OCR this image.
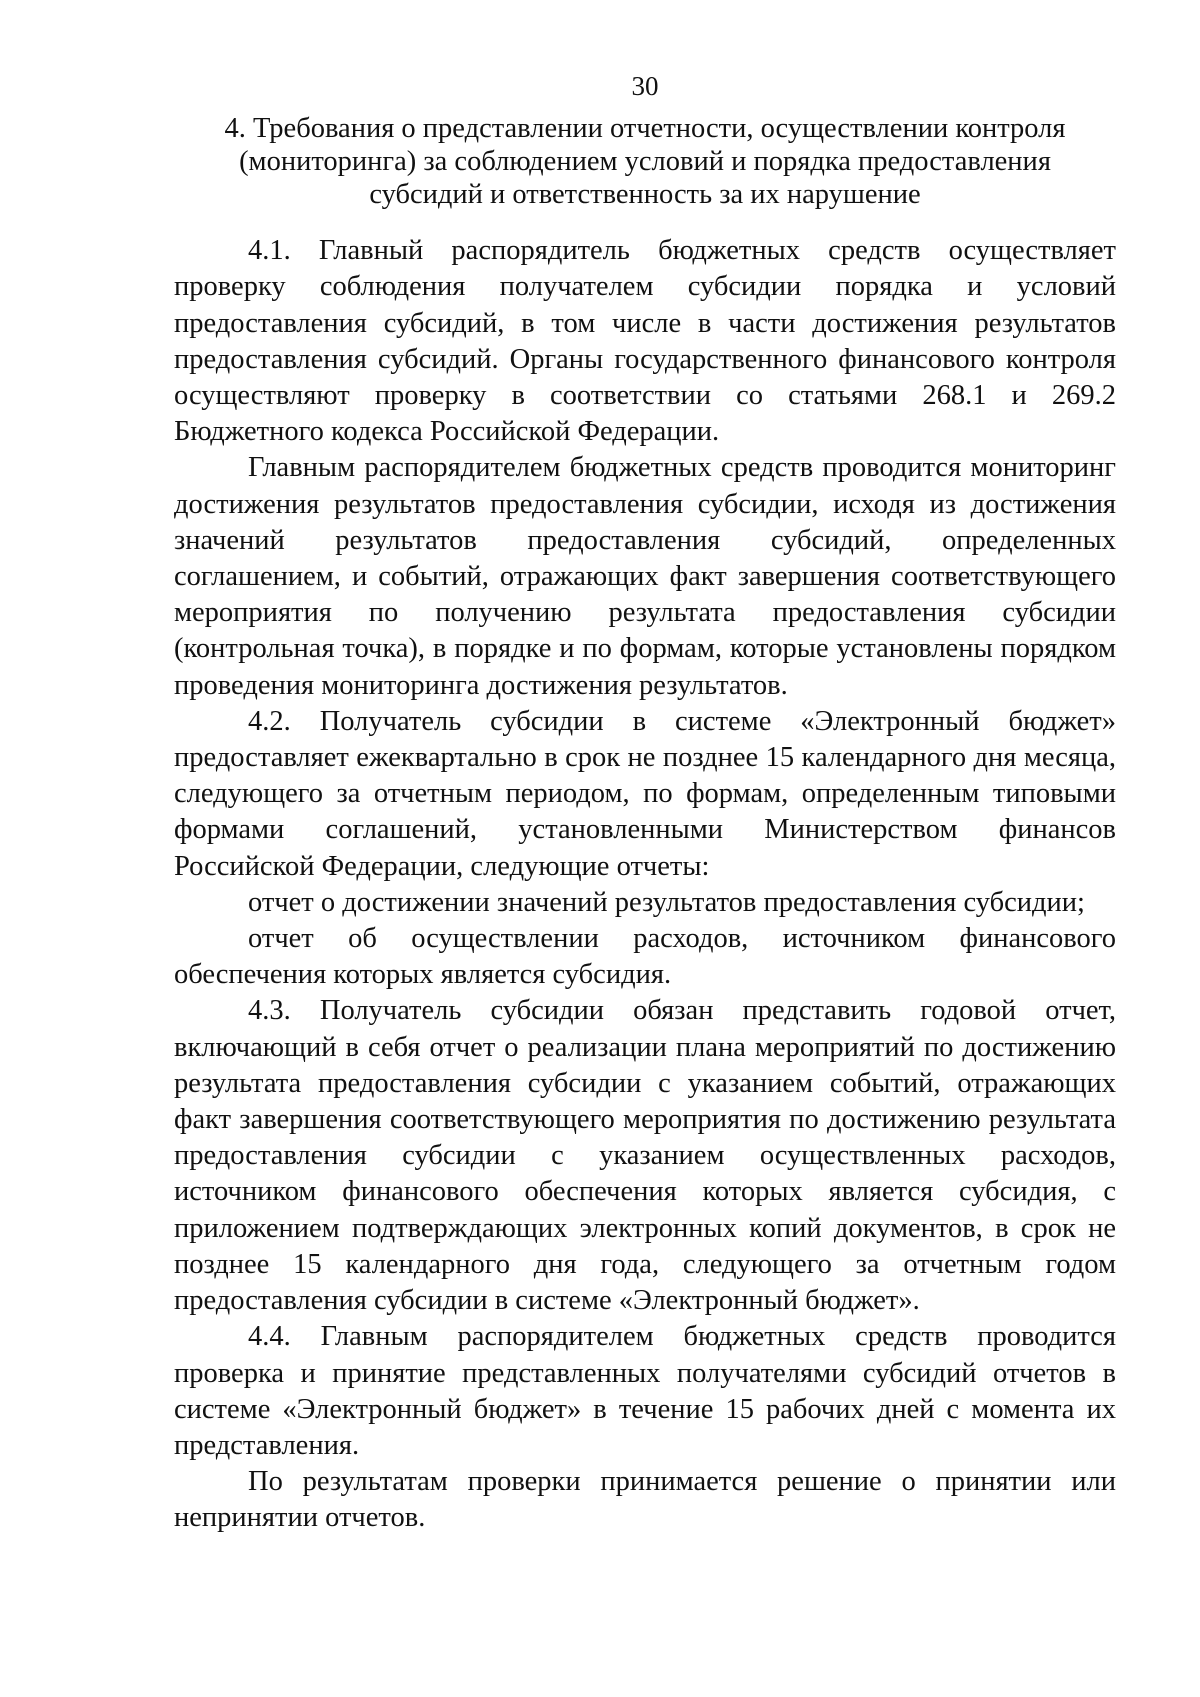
30
4. Требования о представлении отчетности, осуществлении контроля
(мониторинга) за соблюдением условий и порядка предоставления
субсидий и ответственность за их нарушение

4.1. Главный распорядитель бюджетных средств осуществляет проверку соблюдения получателем субсидии порядка и условий предоставления субсидий, в том числе в части достижения результатов предоставления субсидий. Органы государственного финансового контроля осуществляют проверку в соответствии со статьями 268.1 и 269.2 Бюджетного кодекса Российской Федерации.

Главным распорядителем бюджетных средств проводится мониторинг достижения результатов предоставления субсидии, исходя из достижения значений результатов предоставления субсидий, определенных соглашением, и событий, отражающих факт завершения соответствующего мероприятия по получению результата предоставления субсидии (контрольная точка), в порядке и по формам, которые установлены порядком проведения мониторинга достижения результатов.

4.2. Получатель субсидии в системе «Электронный бюджет» предоставляет ежеквартально в срок не позднее 15 календарного дня месяца, следующего за отчетным периодом, по формам, определенным типовыми формами соглашений, установленными Министерством финансов Российской Федерации, следующие отчеты:

отчет о достижении значений результатов предоставления субсидии;

отчет об осуществлении расходов, источником финансового обеспечения которых является субсидия.

4.3. Получатель субсидии обязан представить годовой отчет, включающий в себя отчет о реализации плана мероприятий по достижению результата предоставления субсидии с указанием событий, отражающих факт завершения соответствующего мероприятия по достижению результата предоставления субсидии с указанием осуществленных расходов, источником финансового обеспечения которых является субсидия, с приложением подтверждающих электронных копий документов, в срок не позднее 15 календарного дня года, следующего за отчетным годом предоставления субсидии в системе «Электронный бюджет».

4.4. Главным распорядителем бюджетных средств проводится проверка и принятие представленных получателями субсидий отчетов в системе «Электронный бюджет» в течение 15 рабочих дней с момента их представления.

По результатам проверки принимается решение о принятии или непринятии отчетов.
